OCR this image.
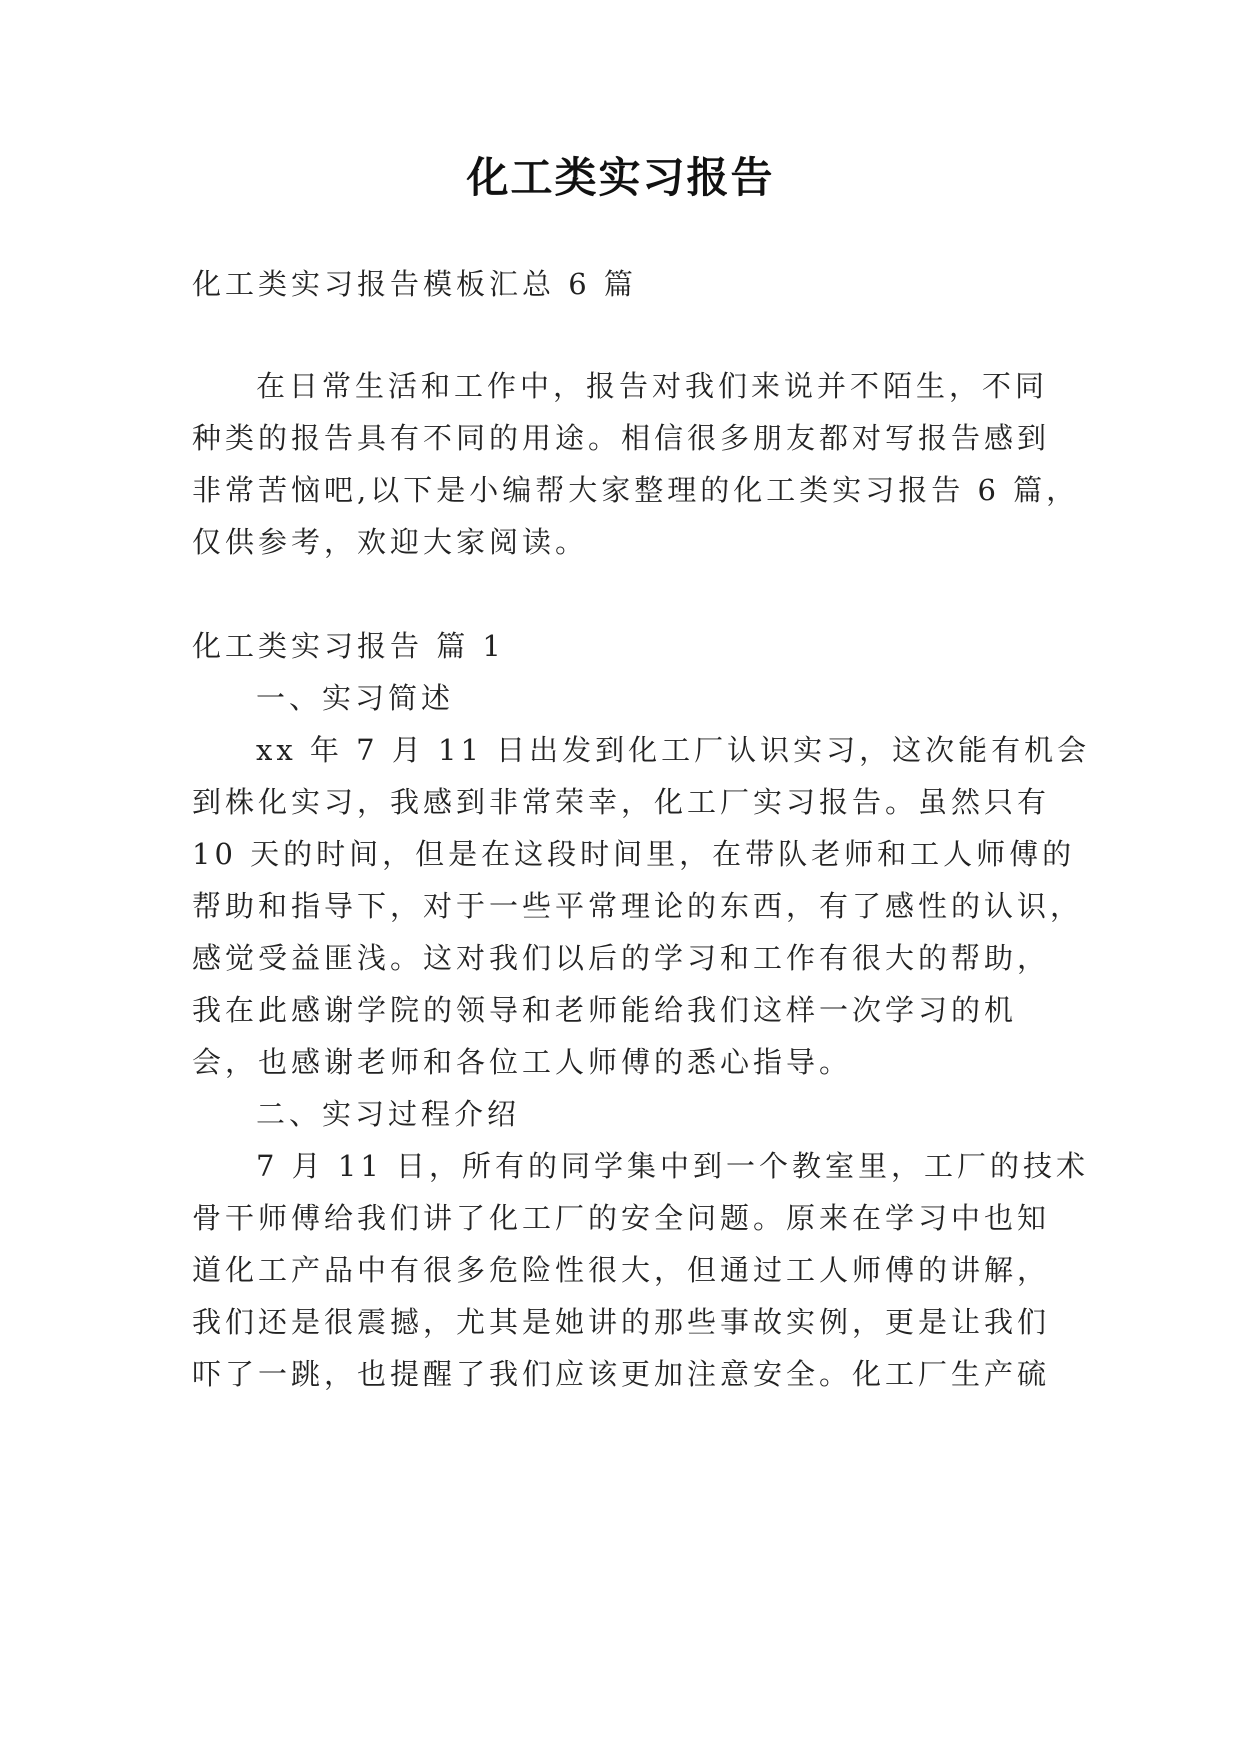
化工类实习报告
化工类实习报告模板汇总 6 篇
在日常生活和工作中，报告对我们来说并不陌生，不同
种类的报告具有不同的用途。相信很多朋友都对写报告感到
非常苦恼吧,以下是小编帮大家整理的化工类实习报告 6 篇，
仅供参考，欢迎大家阅读。
化工类实习报告 篇 1
一、实习简述
xx 年 7 月 11 日出发到化工厂认识实习，这次能有机会
到株化实习，我感到非常荣幸，化工厂实习报告。虽然只有
10 天的时间，但是在这段时间里，在带队老师和工人师傅的
帮助和指导下，对于一些平常理论的东西，有了感性的认识，
感觉受益匪浅。这对我们以后的学习和工作有很大的帮助，
我在此感谢学院的领导和老师能给我们这样一次学习的机
会，也感谢老师和各位工人师傅的悉心指导。
二、实习过程介绍
7 月 11 日，所有的同学集中到一个教室里，工厂的技术
骨干师傅给我们讲了化工厂的安全问题。原来在学习中也知
道化工产品中有很多危险性很大，但通过工人师傅的讲解，
我们还是很震撼，尤其是她讲的那些事故实例，更是让我们
吓了一跳，也提醒了我们应该更加注意安全。化工厂生产硫
